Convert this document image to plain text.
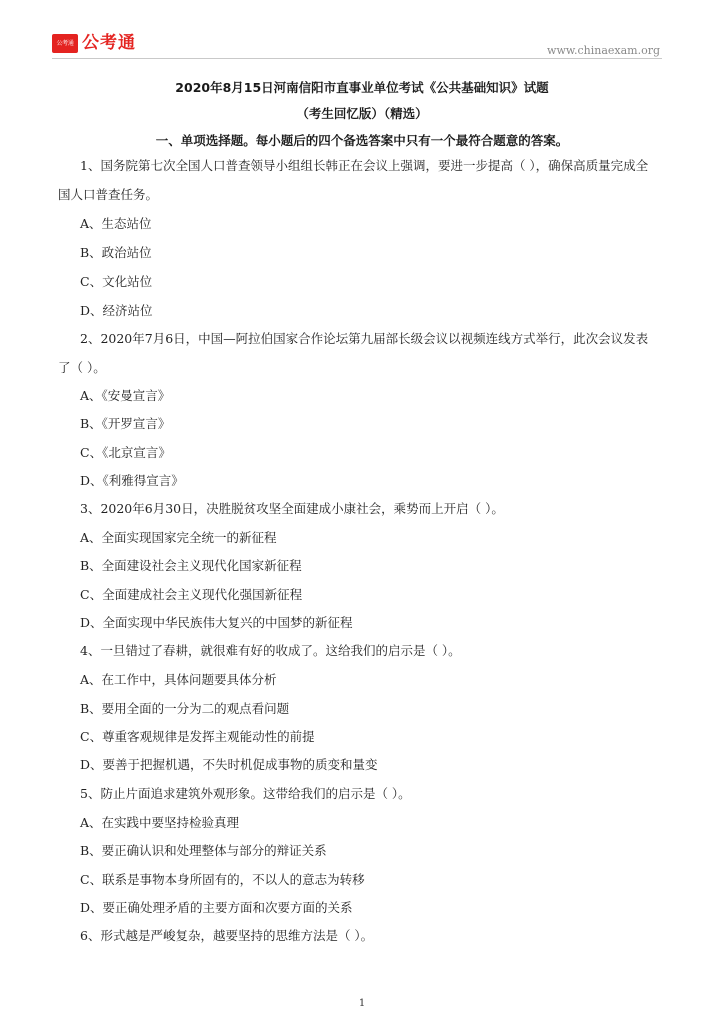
公考通 公考通	www.chinaexam.org
2020年8月15日河南信阳市直事业单位考试《公共基础知识》试题
（考生回忆版）（精选）
一、单项选择题。每小题后的四个备选答案中只有一个最符合题意的答案。
1、国务院第七次全国人口普查领导小组组长韩正在会议上强调，要进一步提高（ ），确保高质量完成全
国人口普查任务。
A、生态站位
B、政治站位
C、文化站位
D、经济站位
2、2020年7月6日，中国—阿拉伯国家合作论坛第九届部长级会议以视频连线方式举行，此次会议发表
了（ ）。
A、《安曼宣言》
B、《开罗宣言》
C、《北京宣言》
D、《利雅得宣言》
3、2020年6月30日，决胜脱贫攻坚全面建成小康社会，乘势而上开启（ ）。
A、全面实现国家完全统一的新征程
B、全面建设社会主义现代化国家新征程
C、全面建成社会主义现代化强国新征程
D、全面实现中华民族伟大复兴的中国梦的新征程
4、一旦错过了春耕，就很难有好的收成了。这给我们的启示是（ ）。
A、在工作中，具体问题要具体分析
B、要用全面的一分为二的观点看问题
C、尊重客观规律是发挥主观能动性的前提
D、要善于把握机遇，不失时机促成事物的质变和量变
5、防止片面追求建筑外观形象。这带给我们的启示是（ ）。
A、在实践中要坚持检验真理
B、要正确认识和处理整体与部分的辩证关系
C、联系是事物本身所固有的，不以人的意志为转移
D、要正确处理矛盾的主要方面和次要方面的关系
6、形式越是严峻复杂，越要坚持的思维方法是（ ）。
1
